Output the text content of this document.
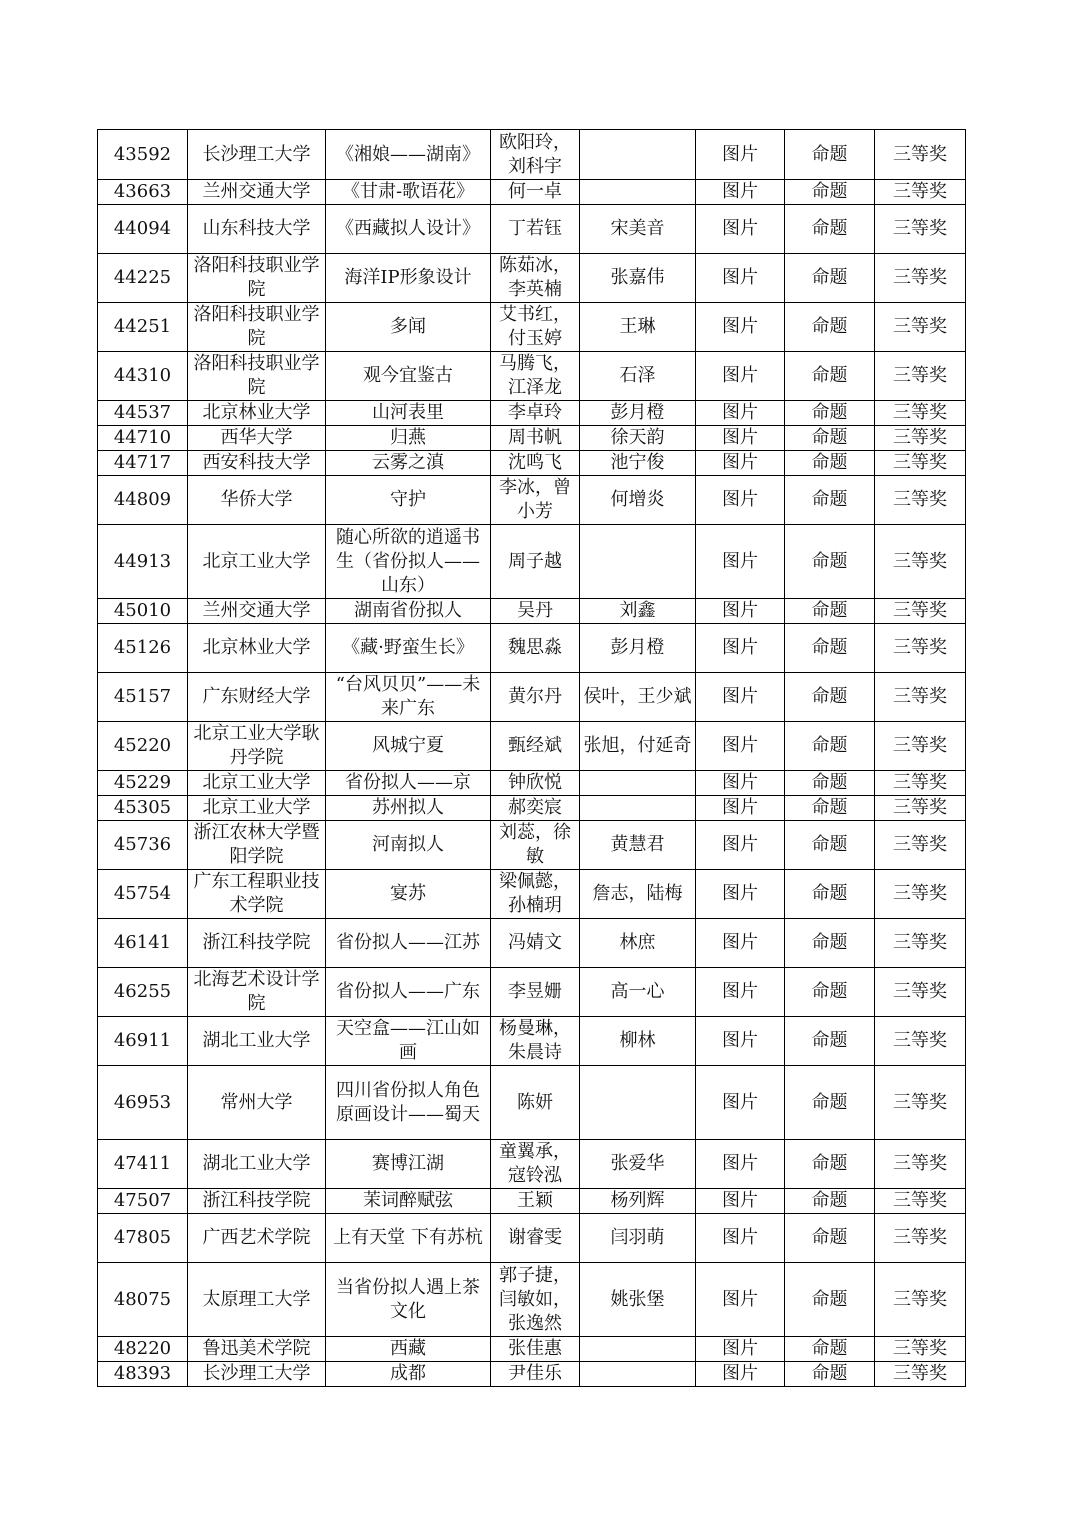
43592	长沙理工大学	《湘娘——湖南》	欧阳玲，刘科宇		图片	命题	三等奖
43663	兰州交通大学	《甘肃-歌语花》	何一卓		图片	命题	三等奖
44094	山东科技大学	《西藏拟人设计》	丁若钰	宋美音	图片	命题	三等奖
44225	洛阳科技职业学院	海洋IP形象设计	陈茹冰，李英楠	张嘉伟	图片	命题	三等奖
44251	洛阳科技职业学院	多闻	艾书红，付玉婷	王琳	图片	命题	三等奖
44310	洛阳科技职业学院	观今宜鉴古	马腾飞，江泽龙	石泽	图片	命题	三等奖
44537	北京林业大学	山河表里	李卓玲	彭月橙	图片	命题	三等奖
44710	西华大学	归燕	周书帆	徐天韵	图片	命题	三等奖
44717	西安科技大学	云雾之滇	沈鸣飞	池宁俊	图片	命题	三等奖
44809	华侨大学	守护	李冰，曾小芳	何增炎	图片	命题	三等奖
44913	北京工业大学	随心所欲的逍遥书生（省份拟人——山东）	周子越		图片	命题	三等奖
45010	兰州交通大学	湖南省份拟人	吴丹	刘鑫	图片	命题	三等奖
45126	北京林业大学	《藏·野蛮生长》	魏思淼	彭月橙	图片	命题	三等奖
45157	广东财经大学	“台风贝贝”——未来广东	黄尔丹	侯叶，王少斌	图片	命题	三等奖
45220	北京工业大学耿丹学院	风城宁夏	甄经斌	张旭，付延奇	图片	命题	三等奖
45229	北京工业大学	省份拟人——京	钟欣悦		图片	命题	三等奖
45305	北京工业大学	苏州拟人	郝奕宸		图片	命题	三等奖
45736	浙江农林大学暨阳学院	河南拟人	刘蕊，徐敏	黄慧君	图片	命题	三等奖
45754	广东工程职业技术学院	宴苏	梁佩懿，孙楠玥	詹志，陆梅	图片	命题	三等奖
46141	浙江科技学院	省份拟人——江苏	冯婧文	林庶	图片	命题	三等奖
46255	北海艺术设计学院	省份拟人——广东	李昱姗	高一心	图片	命题	三等奖
46911	湖北工业大学	天空盒——江山如画	杨曼琳，朱晨诗	柳林	图片	命题	三等奖
46953	常州大学	四川省份拟人角色原画设计——蜀天	陈妍		图片	命题	三等奖
47411	湖北工业大学	赛博江湖	童翼承，寇铃泓	张爱华	图片	命题	三等奖
47507	浙江科技学院	茉词醉赋弦	王颖	杨列辉	图片	命题	三等奖
47805	广西艺术学院	上有天堂 下有苏杭	谢睿雯	闫羽萌	图片	命题	三等奖
48075	太原理工大学	当省份拟人遇上茶文化	郭子捷，闫敏如，张逸然	姚张堡	图片	命题	三等奖
48220	鲁迅美术学院	西藏	张佳惠		图片	命题	三等奖
48393	长沙理工大学	成都	尹佳乐		图片	命题	三等奖
